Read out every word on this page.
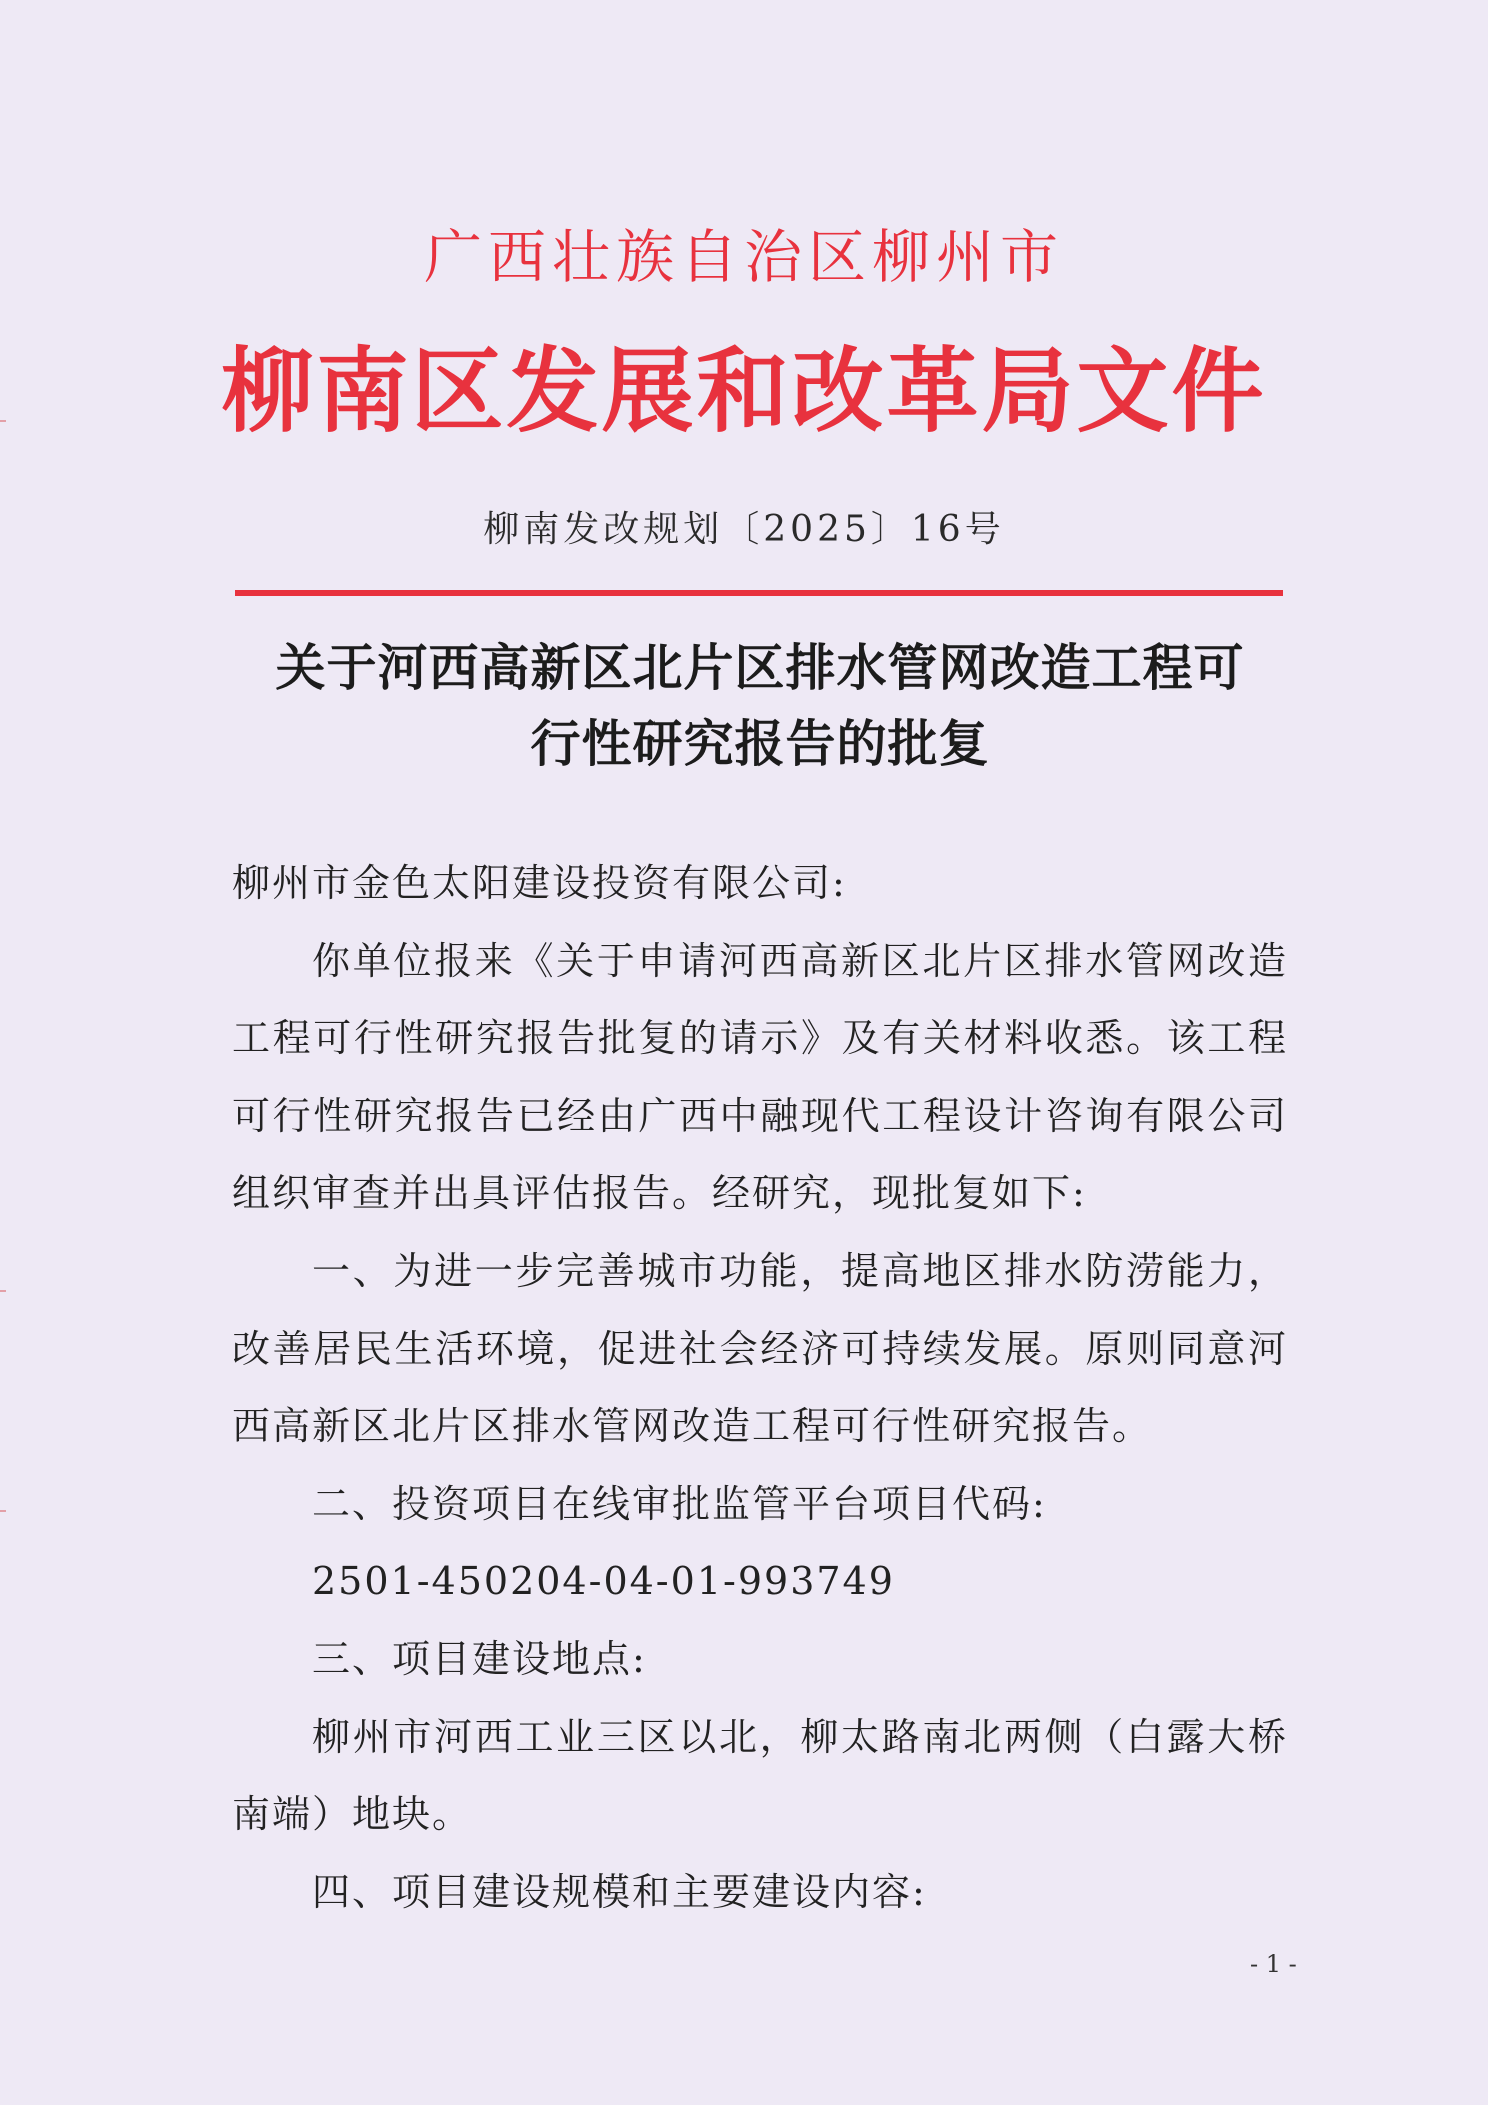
广西壮族自治区柳州市
柳南区发展和改革局文件
柳南发改规划〔2025〕16号
关于河西高新区北片区排水管网改造工程可
行性研究报告的批复

柳州市金色太阳建设投资有限公司:

你单位报来《关于申请河西高新区北片区排水管网改造工程可行性研究报告批复的请示》及有关材料收悉。该工程可行性研究报告已经由广西中融现代工程设计咨询有限公司组织审查并出具评估报告。经研究，现批复如下:

一、为进一步完善城市功能，提高地区排水防涝能力，改善居民生活环境，促进社会经济可持续发展。原则同意河西高新区北片区排水管网改造工程可行性研究报告。

二、投资项目在线审批监管平台项目代码:

2501-450204-04-01-993749

三、项目建设地点:

柳州市河西工业三区以北，柳太路南北两侧（白露大桥南端）地块。

四、项目建设规模和主要建设内容:

- 1 -
